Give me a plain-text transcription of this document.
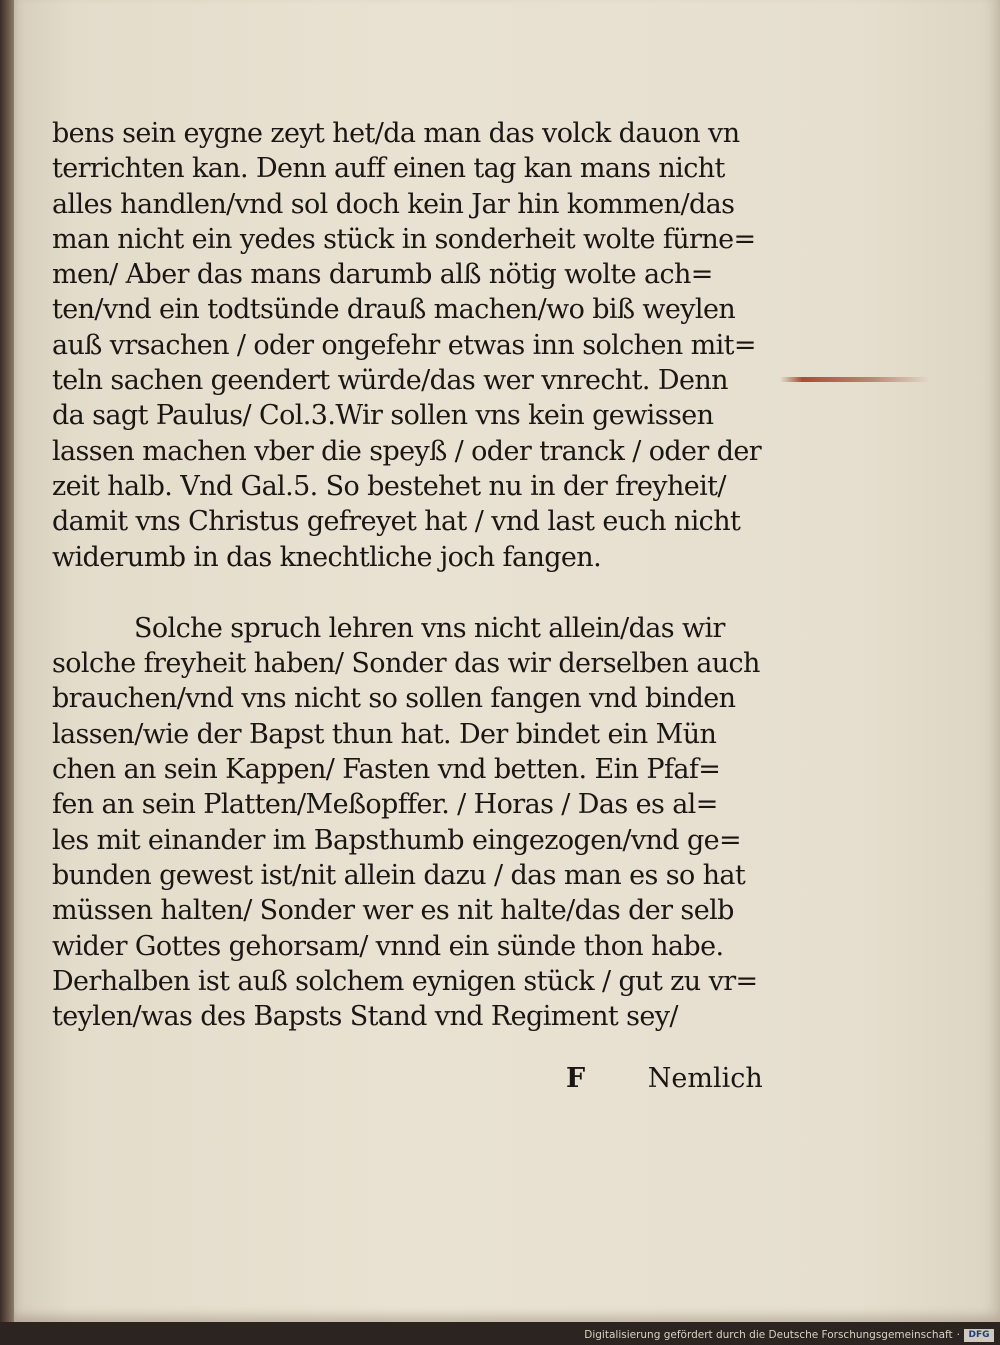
bens sein eygne zeyt het/da man das volck dauon vn
terrichten kan. Denn auff einen tag kan mans nicht
alles handlen/vnd sol doch kein Jar hin kommen/das
man nicht ein yedes stück in sonderheit wolte fürne=
men/ Aber das mans darumb alß nötig wolte ach=
ten/vnd ein todtsünde drauß machen/wo biß weylen
auß vrsachen / oder ongefehr etwas inn solchen mit=
teln sachen geendert würde/das wer vnrecht. Denn
da sagt Paulus/ Col.3.Wir sollen vns kein gewissen
lassen machen vber die speyß / oder tranck / oder der
zeit halb. Vnd Gal.5. So bestehet nu in der freyheit/
damit vns Christus gefreyet hat / vnd last euch nicht
widerumb in das knechtliche joch fangen.
Solche spruch lehren vns nicht allein/das wir
solche freyheit haben/ Sonder das wir derselben auch
brauchen/vnd vns nicht so sollen fangen vnd binden
lassen/wie der Bapst thun hat. Der bindet ein Mün
chen an sein Kappen/ Fasten vnd betten. Ein Pfaf=
fen an sein Platten/Meßopffer. / Horas / Das es al=
les mit einander im Bapsthumb eingezogen/vnd ge=
bunden gewest ist/nit allein dazu / das man es so hat
müssen halten/ Sonder wer es nit halte/das der selb
wider Gottes gehorsam/ vnnd ein sünde thon habe.
Derhalben ist auß solchem eynigen stück / gut zu vr=
teylen/was des Bapsts Stand vnd Regiment sey/
F Nemlich
Digitalisierung gefördert durch die Deutsche Forschungsgemeinschaft · DFG
